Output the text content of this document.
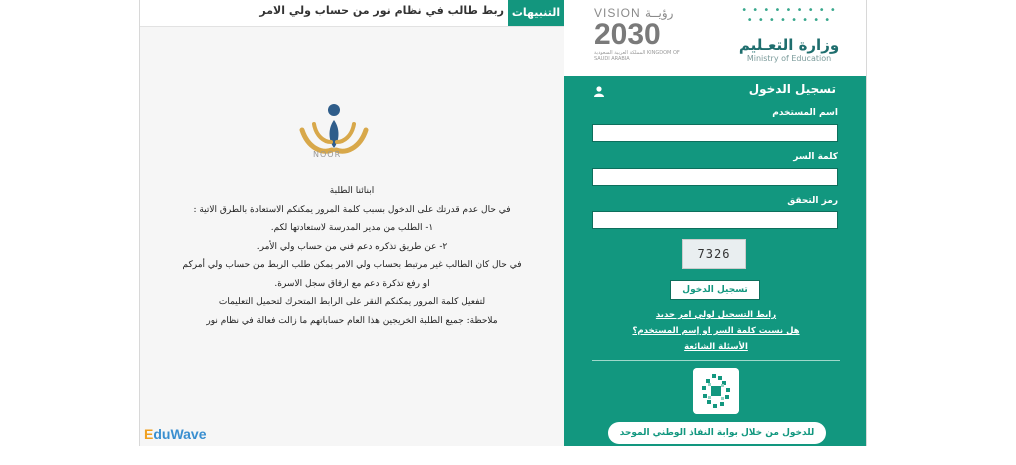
ربط طالب في نظام نور من حساب ولي الامر التنبيهات
NOOR
ابنائنا الطلبة
في حال عدم قدرتك على الدخول بسبب كلمة المرور يمكنكم الاستعادة بالطرق الاتية :
١- الطلب من مدير المدرسة لاستعادتها لكم.
٢- عن طريق تذكره دعم فني من حساب ولي الأمر.
في حال كان الطالب غير مرتبط بحساب ولي الامر يمكن طلب الربط من حساب ولي أمركم
او رفع تذكرة دعم مع ارفاق سجل الاسرة.
لتفعيل كلمة المرور يمكنكم النقر على الرابط المتحرك لتحميل التعليمات
ملاحظة: جميع الطلبة الخريجين هذا العام حساباتهم ما زالت فعالة في نظام نور
EduWave
VISION رؤيــة
2030
المملكة العربية السعودية KINGDOM OF SAUDI ARABIA
• • • • • • • • •
• • • • • • • •
وزارة التعـليم
Ministry of Education
تسجيل الدخول
اسم المستخدم
كلمة السر
رمز التحقق
7326
تسجيل الدخول
رابط التسجيل لولي امر جديد
هل نسيت كلمة السر او إسم المستخدم؟
الأسئلة الشائعة
للدخول من خلال بوابة النفاذ الوطني الموحد
